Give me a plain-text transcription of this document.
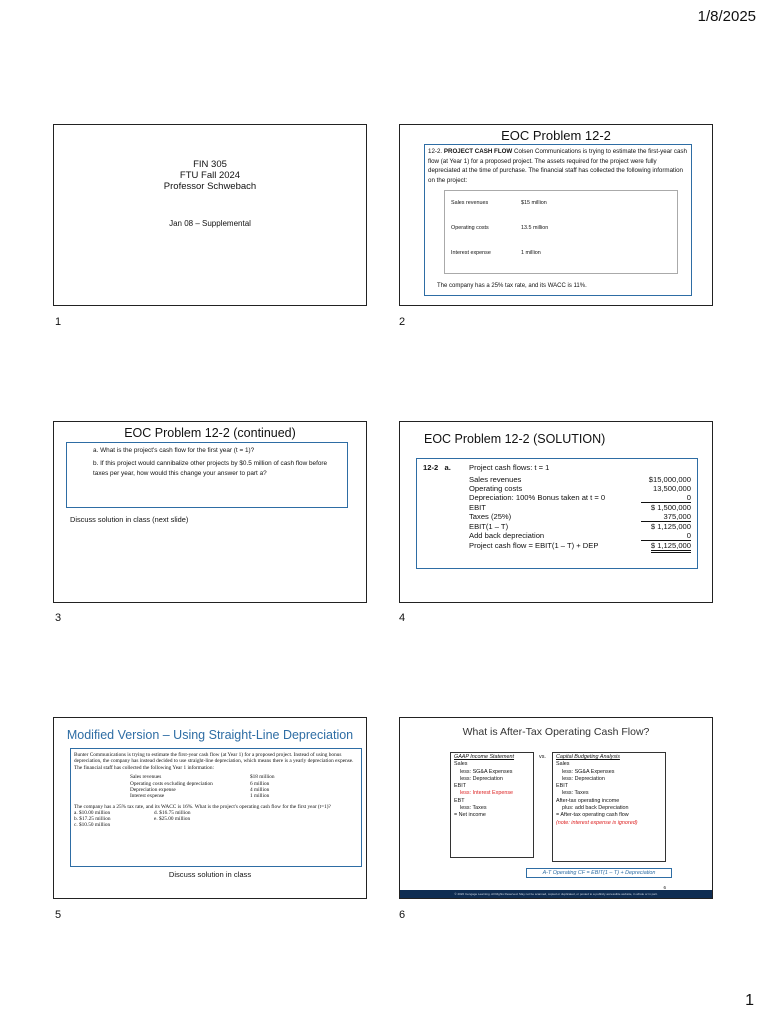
1/8/2025
FIN 305
FTU Fall 2024
Professor Schwebach
Jan 08 – Supplemental
1
EOC Problem 12-2
12-2. PROJECT CASH FLOW Colsen Communications is trying to estimate the first-year cash flow (at Year 1) for a proposed project. The assets required for the project were fully depreciated at the time of purchase. The financial staff has collected the following information on the project:
Sales revenues	$15 million
Operating costs	13.5 million
Interest expense	1 million
The company has a 25% tax rate, and its WACC is 11%.
2
EOC Problem 12-2 (continued)

a. What is the project's cash flow for the first year (t = 1)?

b. If this project would cannibalize other projects by $0.5 million of cash flow before taxes per year, how would this change your answer to part a?

Discuss solution in class (next slide)
3
EOC Problem 12-2 (SOLUTION)
12-2 a. Project cash flows: t = 1
Sales revenues	$15,000,000
Operating costs	13,500,000
Depreciation: 100% Bonus taken at t = 0	0
EBIT	$ 1,500,000
Taxes (25%)	375,000
EBIT(1 – T)	$ 1,125,000
Add back depreciation	0
Project cash flow = EBIT(1 – T) + DEP	$ 1,125,000
4
Modified Version – Using Straight-Line Depreciation
Bunter Communications is trying to estimate the first-year cash flow (at Year 1) for a proposed project. Instead of using bonus depreciation, the company has instead decided to use straight-line depreciation, which means there is a yearly depreciation expense. The financial staff has collected the following Year 1 information:
Sales revenues	$18 million
Operating costs excluding depreciation	6 million
Depreciation expense	4 million
Interest expense	1 million
The company has a 25% tax rate, and its WACC is 16%. What is the project's operating cash flow for the first year (t=1)?
a. $10.00 million
b. $17.25 million
c. $10.50 million
d. $16.75 million
e. $25.00 million
Discuss solution in class
5
What is After-Tax Operating Cash Flow?
GAAP Income Statement
Sales
less: SG&A Expenses
less: Depreciation
EBIT
less: Interest Expense
EBT
less: Taxes
= Net income
vs. Capital Budgeting Analysis
Sales
less: SG&A Expenses
less: Depreciation
EBIT
less: Taxes
After-tax operating income
plus: add back Depreciation
= After-tax operating cash flow
(note: interest expense is ignored)
A-T Operating CF = EBIT(1 – T) + Depreciation
6
© 2020 Cengage Learning. All Rights Reserved. May not be scanned, copied or duplicated, or posted to a publicly accessible website, in whole or in part.
6
1
